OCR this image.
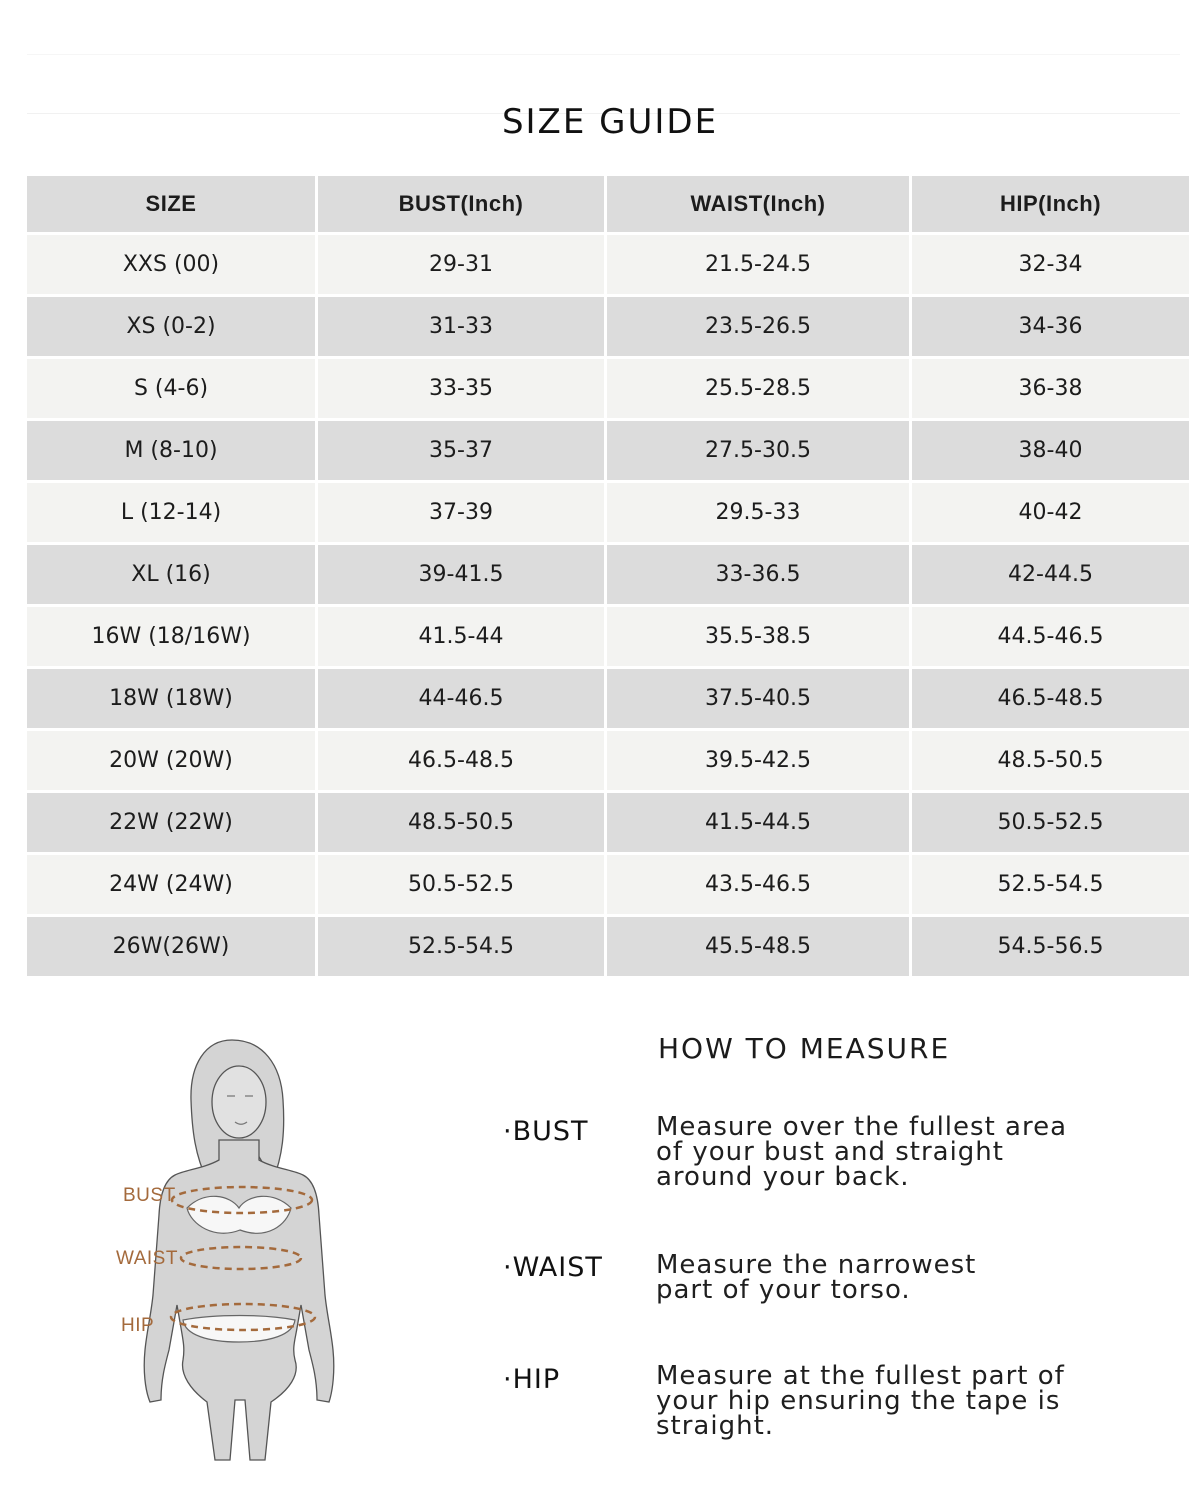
SIZE GUIDE
SIZE	BUST(Inch)	WAIST(Inch)	HIP(Inch)
XXS (00)	29-31	21.5-24.5	32-34
XS (0-2)	31-33	23.5-26.5	34-36
S (4-6)	33-35	25.5-28.5	36-38
M (8-10)	35-37	27.5-30.5	38-40
L (12-14)	37-39	29.5-33	40-42
XL (16)	39-41.5	33-36.5	42-44.5
16W (18/16W)	41.5-44	35.5-38.5	44.5-46.5
18W (18W)	44-46.5	37.5-40.5	46.5-48.5
20W (20W)	46.5-48.5	39.5-42.5	48.5-50.5
22W (22W)	48.5-50.5	41.5-44.5	50.5-52.5
24W (24W)	50.5-52.5	43.5-46.5	52.5-54.5
26W(26W)	52.5-54.5	45.5-48.5	54.5-56.5
BUST
WAIST
HIP
HOW TO MEASURE
·BUST	Measure over the fullest area
of your bust and straight
around your back.
·WAIST Measure the narrowest
part of your torso.
·HIP	Measure at the fullest part of
your hip ensuring the tape is
straight.
